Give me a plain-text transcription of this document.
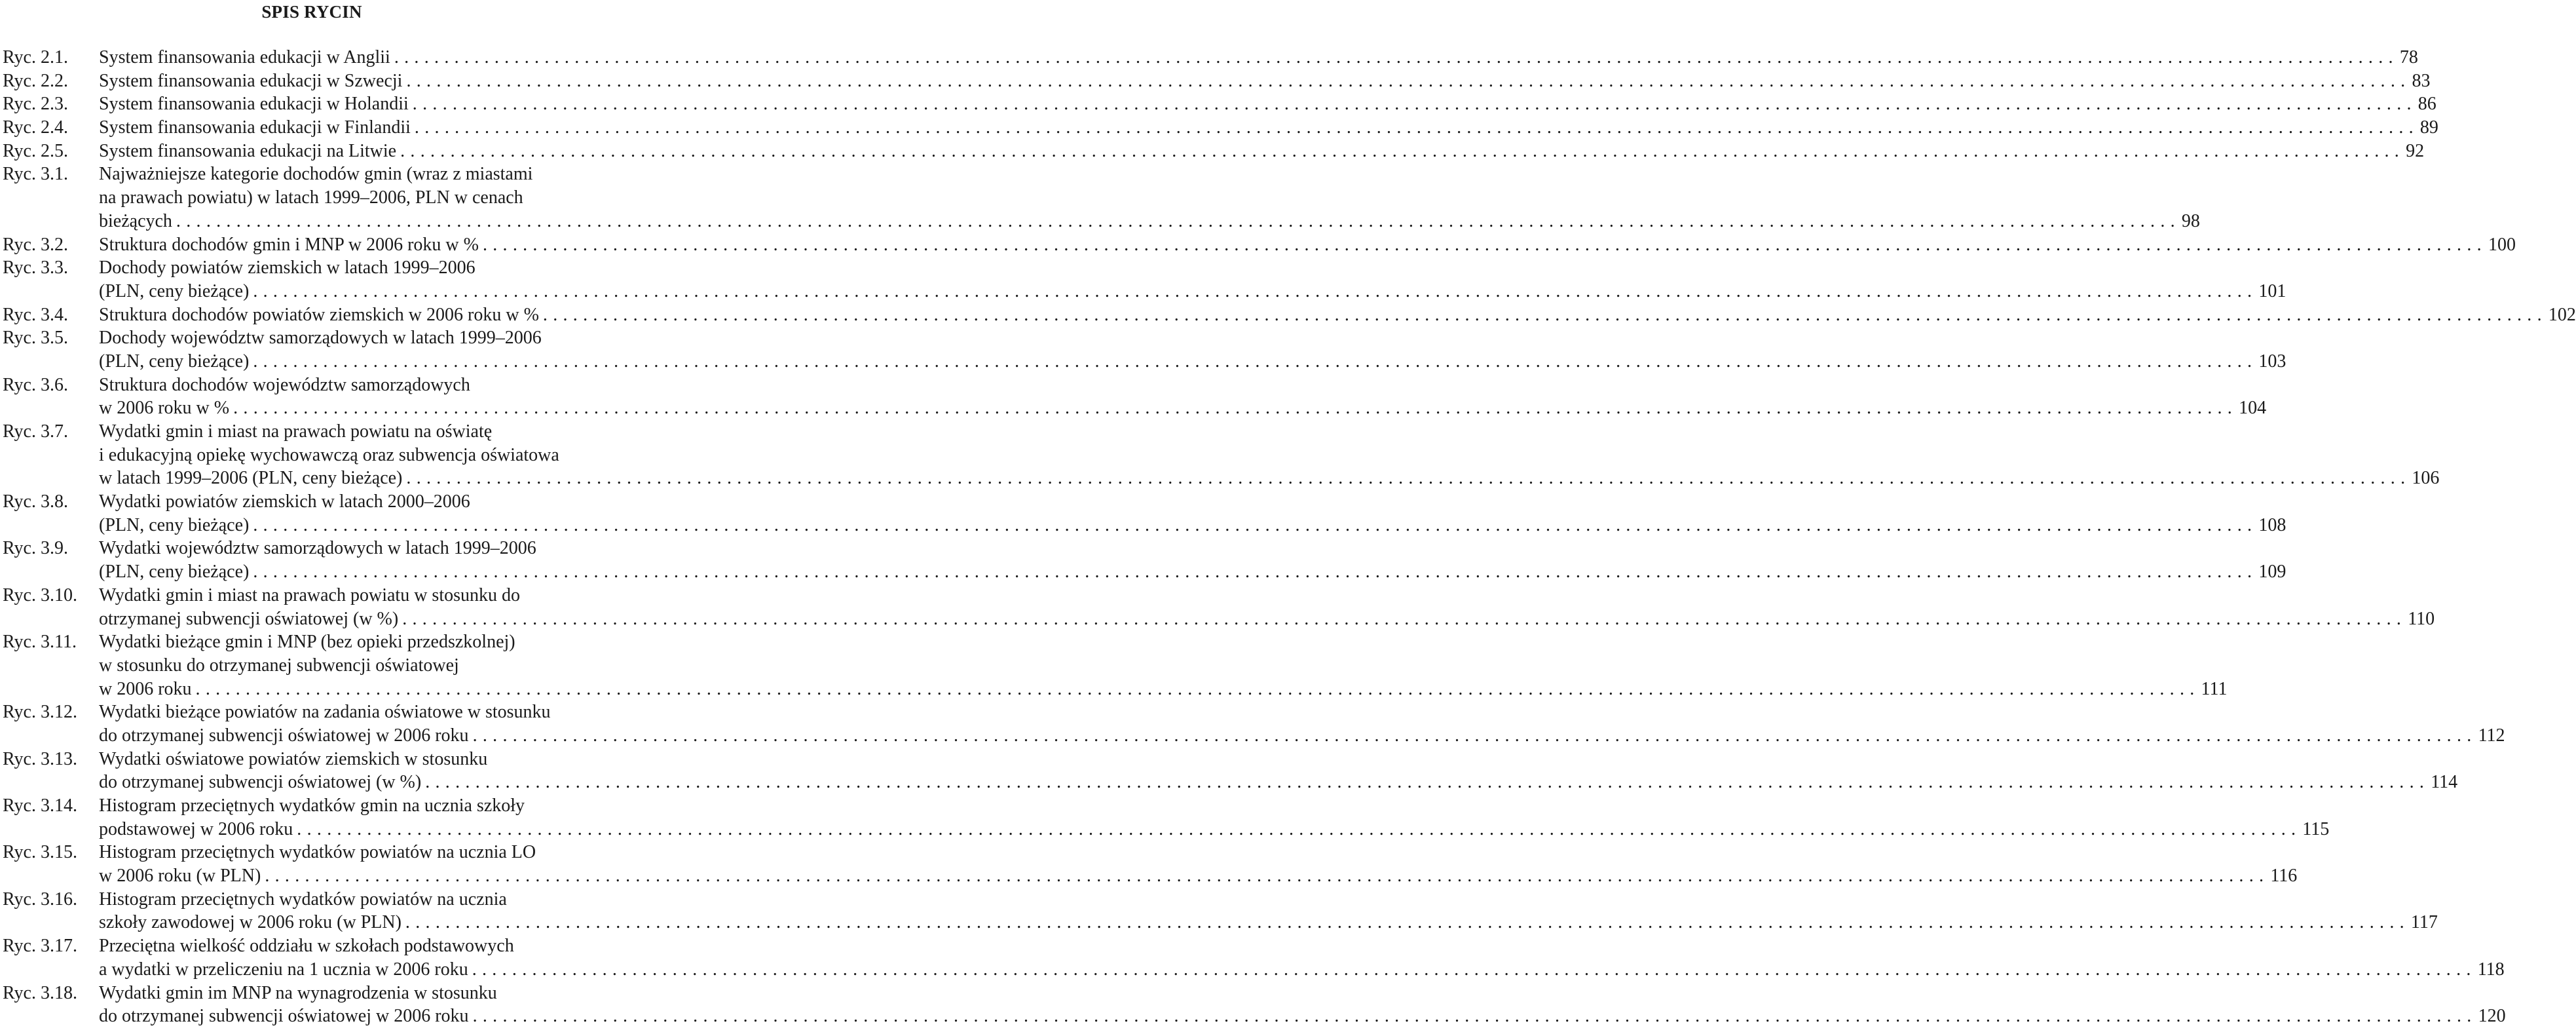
SPIS RYCIN
Ryc. 2.1.	System finansowania edukacji w Anglii ........................................................................................................................................................................................................ 78
Ryc. 2.2.	System finansowania edukacji w Szwecji ........................................................................................................................................................................................................ 83
Ryc. 2.3.	System finansowania edukacji w Holandii ........................................................................................................................................................................................................ 86
Ryc. 2.4.	System finansowania edukacji w Finlandii ........................................................................................................................................................................................................ 89
Ryc. 2.5.	System finansowania edukacji na Litwie ........................................................................................................................................................................................................ 92
Ryc. 3.1.	Najważniejsze kategorie dochodów gmin (wraz z miastami
na prawach powiatu) w latach 1999–2006, PLN w cenach
bieżących ........................................................................................................................................................................................................ 98
Ryc. 3.2.	Struktura dochodów gmin i MNP w 2006 roku w % ........................................................................................................................................................................................................ 100
Ryc. 3.3.	Dochody powiatów ziemskich w latach 1999–2006
(PLN, ceny bieżące) ........................................................................................................................................................................................................ 101
Ryc. 3.4.	Struktura dochodów powiatów ziemskich w 2006 roku w % ........................................................................................................................................................................................................ 102
Ryc. 3.5.	Dochody województw samorządowych w latach 1999–2006
(PLN, ceny bieżące) ........................................................................................................................................................................................................ 103
Ryc. 3.6.	Struktura dochodów województw samorządowych
w 2006 roku w % ........................................................................................................................................................................................................ 104
Ryc. 3.7.	Wydatki gmin i miast na prawach powiatu na oświatę
i edukacyjną opiekę wychowawczą oraz subwencja oświatowa
w latach 1999–2006 (PLN, ceny bieżące) ........................................................................................................................................................................................................ 106
Ryc. 3.8.	Wydatki powiatów ziemskich w latach 2000–2006
(PLN, ceny bieżące) ........................................................................................................................................................................................................ 108
Ryc. 3.9.	Wydatki województw samorządowych w latach 1999–2006
(PLN, ceny bieżące) ........................................................................................................................................................................................................ 109
Ryc. 3.10.	Wydatki gmin i miast na prawach powiatu w stosunku do
otrzymanej subwencji oświatowej (w %) ........................................................................................................................................................................................................ 110
Ryc. 3.11.	Wydatki bieżące gmin i MNP (bez opieki przedszkolnej)
w stosunku do otrzymanej subwencji oświatowej
w 2006 roku ........................................................................................................................................................................................................ 111
Ryc. 3.12.	Wydatki bieżące powiatów na zadania oświatowe w stosunku
do otrzymanej subwencji oświatowej w 2006 roku ........................................................................................................................................................................................................ 112
Ryc. 3.13.	Wydatki oświatowe powiatów ziemskich w stosunku
do otrzymanej subwencji oświatowej (w %) ........................................................................................................................................................................................................ 114
Ryc. 3.14.	Histogram przeciętnych wydatków gmin na ucznia szkoły
podstawowej w 2006 roku ........................................................................................................................................................................................................ 115
Ryc. 3.15.	Histogram przeciętnych wydatków powiatów na ucznia LO
w 2006 roku (w PLN) ........................................................................................................................................................................................................ 116
Ryc. 3.16.	Histogram przeciętnych wydatków powiatów na ucznia
szkoły zawodowej w 2006 roku (w PLN) ........................................................................................................................................................................................................ 117
Ryc. 3.17.	Przeciętna wielkość oddziału w szkołach podstawowych
a wydatki w przeliczeniu na 1 ucznia w 2006 roku ........................................................................................................................................................................................................ 118
Ryc. 3.18.	Wydatki gmin im MNP na wynagrodzenia w stosunku
do otrzymanej subwencji oświatowej w 2006 roku ........................................................................................................................................................................................................ 120
